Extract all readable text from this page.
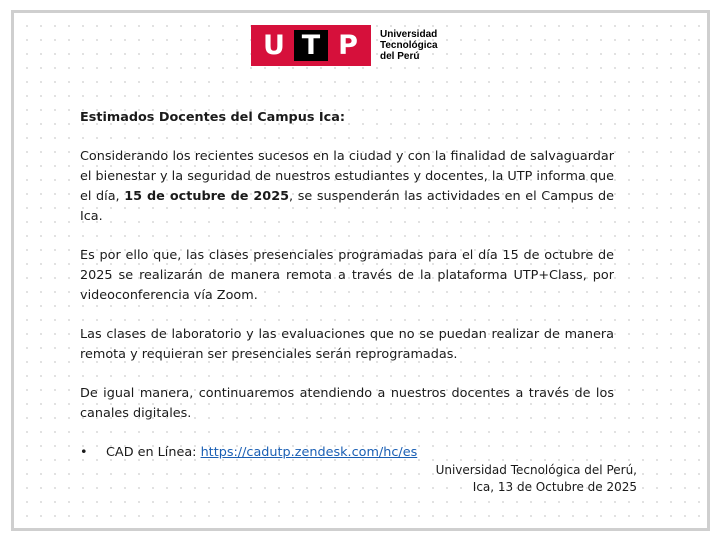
U T P	Universidad
Tecnológica
del Perú

Estimados Docentes del Campus Ica:

Considerando los recientes sucesos en la ciudad y con la finalidad de salvaguardar el bienestar y la seguridad de nuestros estudiantes y docentes, la UTP informa que el día, 15 de octubre de 2025, se suspenderán las actividades en el Campus de Ica.

Es por ello que, las clases presenciales programadas para el día 15 de octubre de 2025 se realizarán de manera remota a través de la plataforma UTP+Class, por videoconferencia vía Zoom.

Las clases de laboratorio y las evaluaciones que no se puedan realizar de manera remota y requieran ser presenciales serán reprogramadas.

De igual manera, continuaremos atendiendo a nuestros docentes a través de los canales digitales.

•	CAD en Línea: https://cadutp.zendesk.com/hc/es
Universidad Tecnológica del Perú,
Ica, 13 de Octubre de 2025
